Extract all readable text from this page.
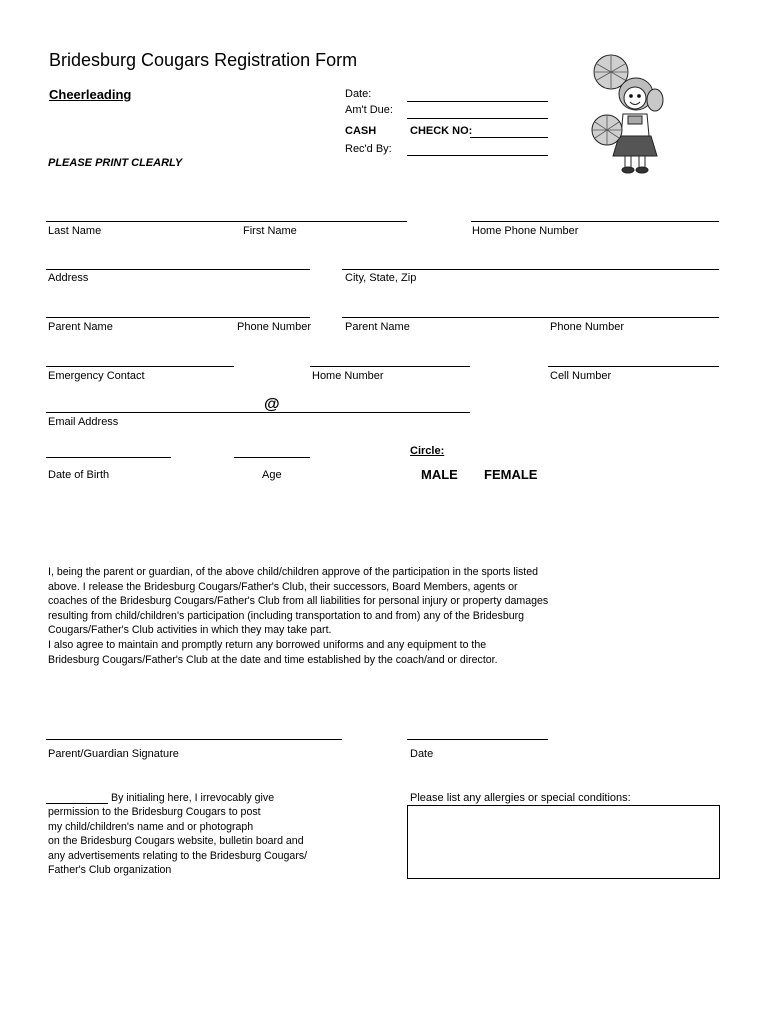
Bridesburg Cougars Registration Form
Cheerleading
PLEASE PRINT CLEARLY
Date:
Am't Due:
CASH	CHECK NO:
Rec'd By:
Last Name	First Name	Home Phone Number
Address	City, State, Zip
Parent Name	Phone Number	Parent Name	Phone Number
Emergency Contact	Home Number	Cell Number
@
Email Address
Circle:
Date of Birth	Age	MALE FEMALE
I, being the parent or guardian, of the above child/children approve of the participation in the sports listed
above. I release the Bridesburg Cougars/Father's Club, their successors, Board Members, agents or
coaches of the Bridesburg Cougars/Father's Club from all liabilities for personal injury or property damages
resulting from child/children's participation (including transportation to and from) any of the Bridesburg
Cougars/Father's Club activities in which they may take part.
I also agree to maintain and promptly return any borrowed uniforms and any equipment to the
Bridesburg Cougars/Father's Club at the date and time established by the coach/and or director.
Parent/Guardian Signature	Date
By initialing here, I irrevocably give
permission to the Bridesburg Cougars to post
my child/children's name and or photograph
on the Bridesburg Cougars website, bulletin board and
any advertisements relating to the Bridesburg Cougars/
Father's Club organization
Please list any allergies or special conditions:
